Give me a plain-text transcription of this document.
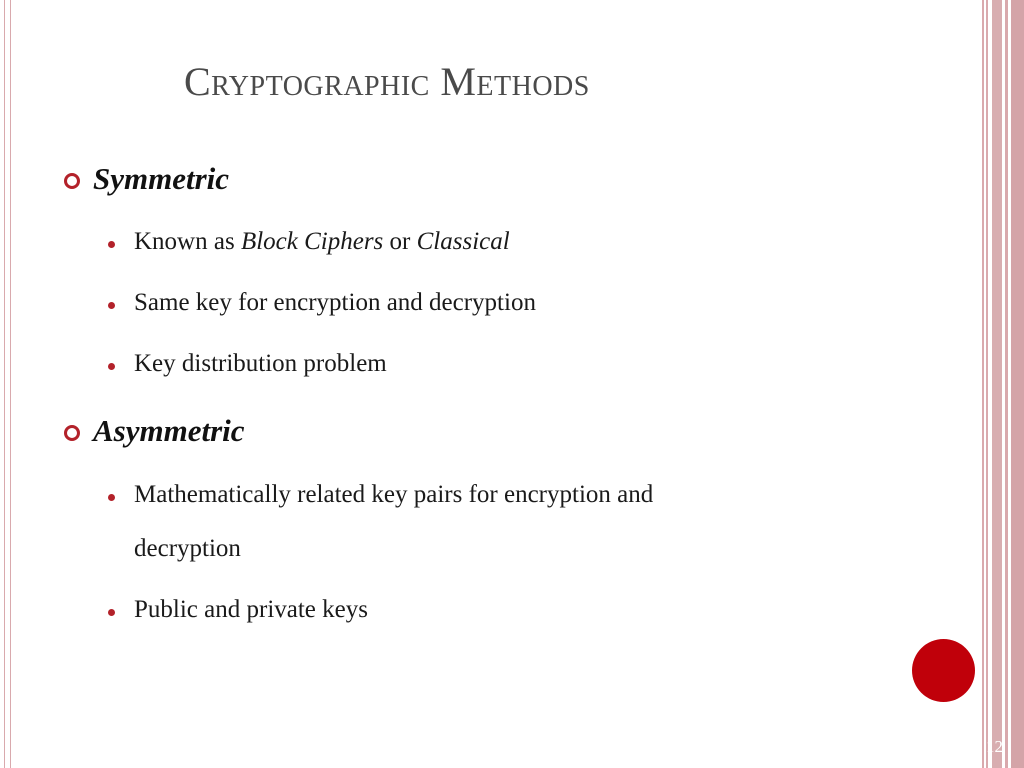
Cryptographic Methods
Symmetric
Known as Block Ciphers or Classical
Same key for encryption and decryption
Key distribution problem
Asymmetric
Mathematically related key pairs for encryption and
decryption
Public and private keys
12
